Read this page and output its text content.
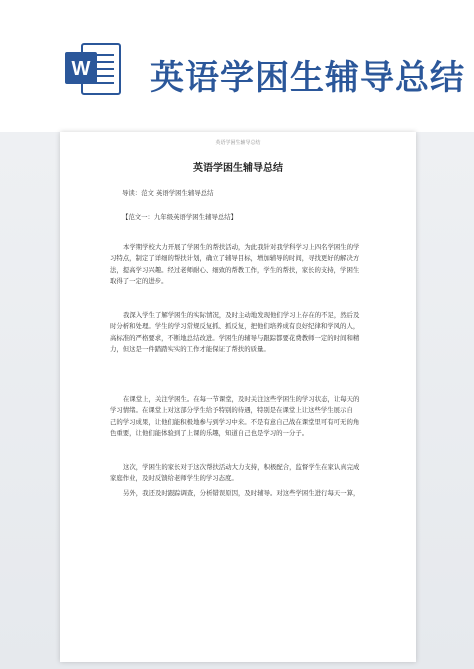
W 英语学困生辅导总结
英语学困生辅导总结
英语学困生辅导总结
导读：范文 英语学困生辅导总结
【范文一：九年级英语学困生辅导总结】
本学期学校大力开展了学困生的帮扶活动，为此我针对我学科学习上四名学困生的学
习特点，制定了详细的帮扶计划，确立了辅导目标，增加辅导的时间，寻找更好的解决方
法，提高学习兴趣。经过老师耐心、细致的帮教工作，学生的帮扶，家长的支持，学困生
取得了一定的进步。
我深入学生了解学困生的实际情况，及时主动地发现他们学习上存在的不足，然后及
时分析和处理。学生的学习常规反复抓、抓反复，把他们培养成有良好纪律和学风的人，
高标准的严格要求，不断地总结改进。学困生的辅导与跟踪都要花费教师一定的时间和精
力，但这是一件踏踏实实的工作才能保证了帮扶的质量。
在课堂上，关注学困生。在每一节课堂，及时关注这些学困生的学习状态，让每天的
学习情绪。在课堂上对这部分学生给予特别的待遇，特别是在课堂上让这些学生展示自
己的学习成果，让他们能积极地参与到学习中来。不是有意自己战在课堂里可有可无的角
色重要，让他们能体验到了上课的乐趣，知道自己也是学习的一分子。
这次，学困生的家长对于这次帮扶活动大力支持，积极配合，监督学生在家认真完成
家庭作业，及时反馈给老师学生的学习态度。
另外，我还及时跟踪调查，分析错误原因，及时辅导。对这些学困生进行每天一算，
